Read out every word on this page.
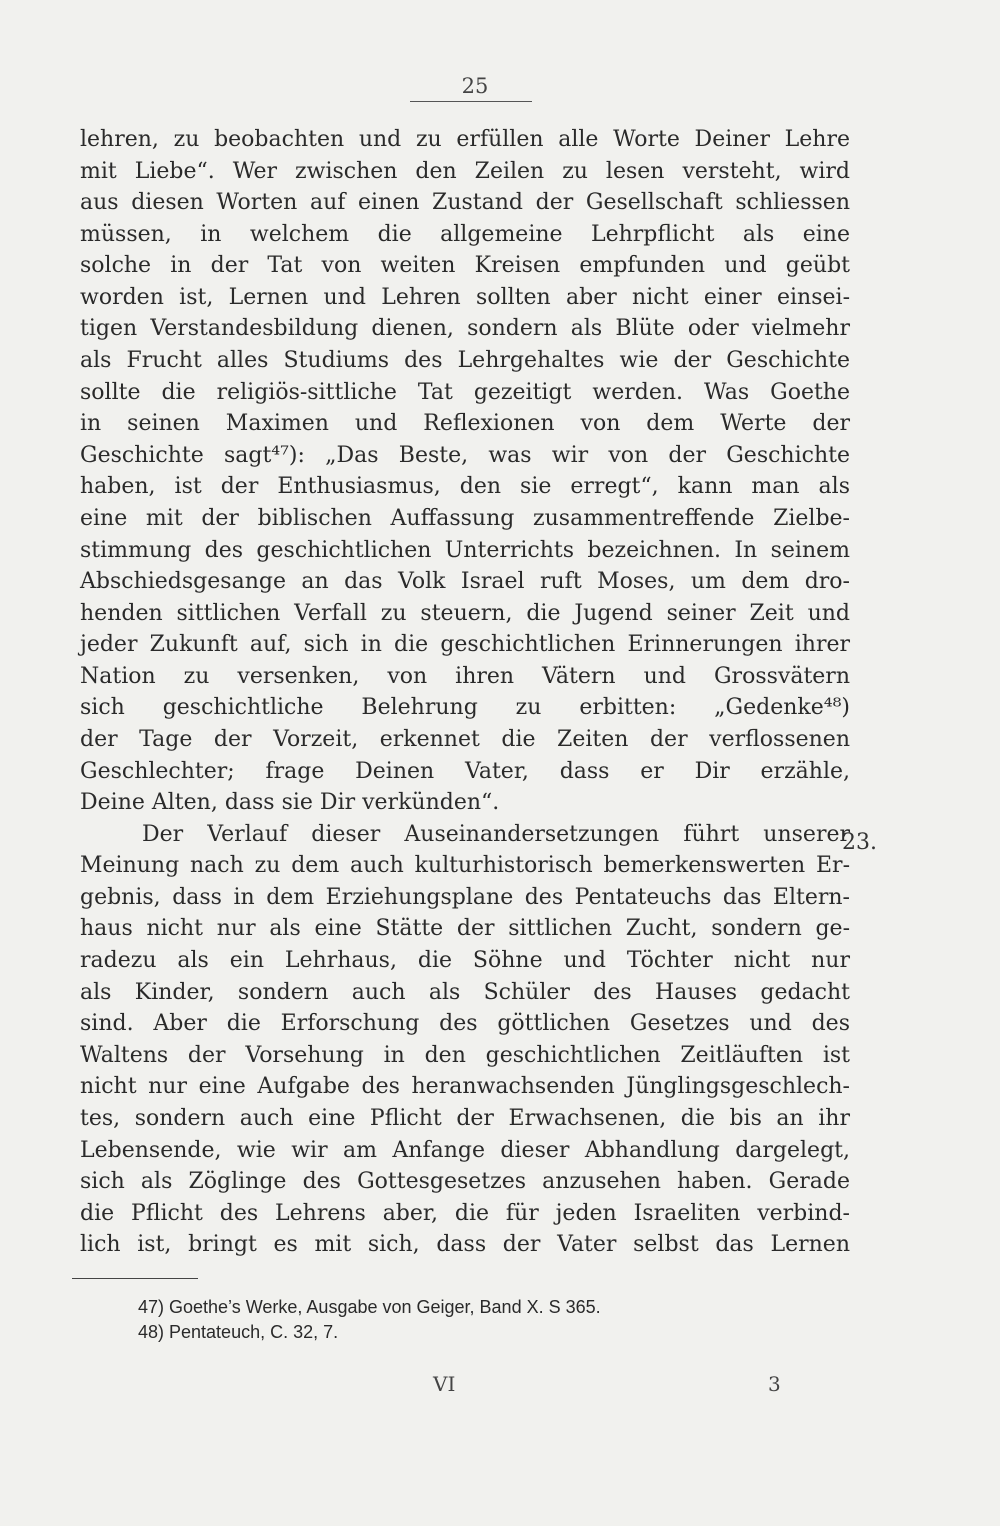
25
lehren, zu beobachten und zu erfüllen alle Worte Deiner Lehre
mit Liebe“. Wer zwischen den Zeilen zu lesen versteht, wird
aus diesen Worten auf einen Zustand der Gesellschaft schliessen
müssen, in welchem die allgemeine Lehrpflicht als eine
solche in der Tat von weiten Kreisen empfunden und geübt
worden ist, Lernen und Lehren sollten aber nicht einer einsei-
tigen Verstandesbildung dienen, sondern als Blüte oder vielmehr
als Frucht alles Studiums des Lehrgehaltes wie der Geschichte
sollte die religiös-sittliche Tat gezeitigt werden. Was Goethe
in seinen Maximen und Reflexionen von dem Werte der
Geschichte sagt⁴⁷): „Das Beste, was wir von der Geschichte
haben, ist der Enthusiasmus, den sie erregt“, kann man als
eine mit der biblischen Auffassung zusammentreffende Zielbe-
stimmung des geschichtlichen Unterrichts bezeichnen. In seinem
Abschiedsgesange an das Volk Israel ruft Moses, um dem dro-
henden sittlichen Verfall zu steuern, die Jugend seiner Zeit und
jeder Zukunft auf, sich in die geschichtlichen Erinnerungen ihrer
Nation zu versenken, von ihren Vätern und Grossvätern
sich geschichtliche Belehrung zu erbitten: „Gedenke⁴⁸)
der Tage der Vorzeit, erkennet die Zeiten der verflossenen
Geschlechter; frage Deinen Vater, dass er Dir erzähle,
Deine Alten, dass sie Dir verkünden“.
Der Verlauf dieser Auseinandersetzungen führt unserer
Meinung nach zu dem auch kulturhistorisch bemerkenswerten Er-
gebnis, dass in dem Erziehungsplane des Pentateuchs das Eltern-
haus nicht nur als eine Stätte der sittlichen Zucht, sondern ge-
radezu als ein Lehrhaus, die Söhne und Töchter nicht nur
als Kinder, sondern auch als Schüler des Hauses gedacht
sind. Aber die Erforschung des göttlichen Gesetzes und des
Waltens der Vorsehung in den geschichtlichen Zeitläuften ist
nicht nur eine Aufgabe des heranwachsenden Jünglingsgeschlech-
tes, sondern auch eine Pflicht der Erwachsenen, die bis an ihr
Lebensende, wie wir am Anfange dieser Abhandlung dargelegt,
sich als Zöglinge des Gottesgesetzes anzusehen haben. Gerade
die Pflicht des Lehrens aber, die für jeden Israeliten verbind-
lich ist, bringt es mit sich, dass der Vater selbst das Lernen
23.
47) Goethe’s Werke, Ausgabe von Geiger, Band X. S 365.
48) Pentateuch, C. 32, 7.
VI	3
